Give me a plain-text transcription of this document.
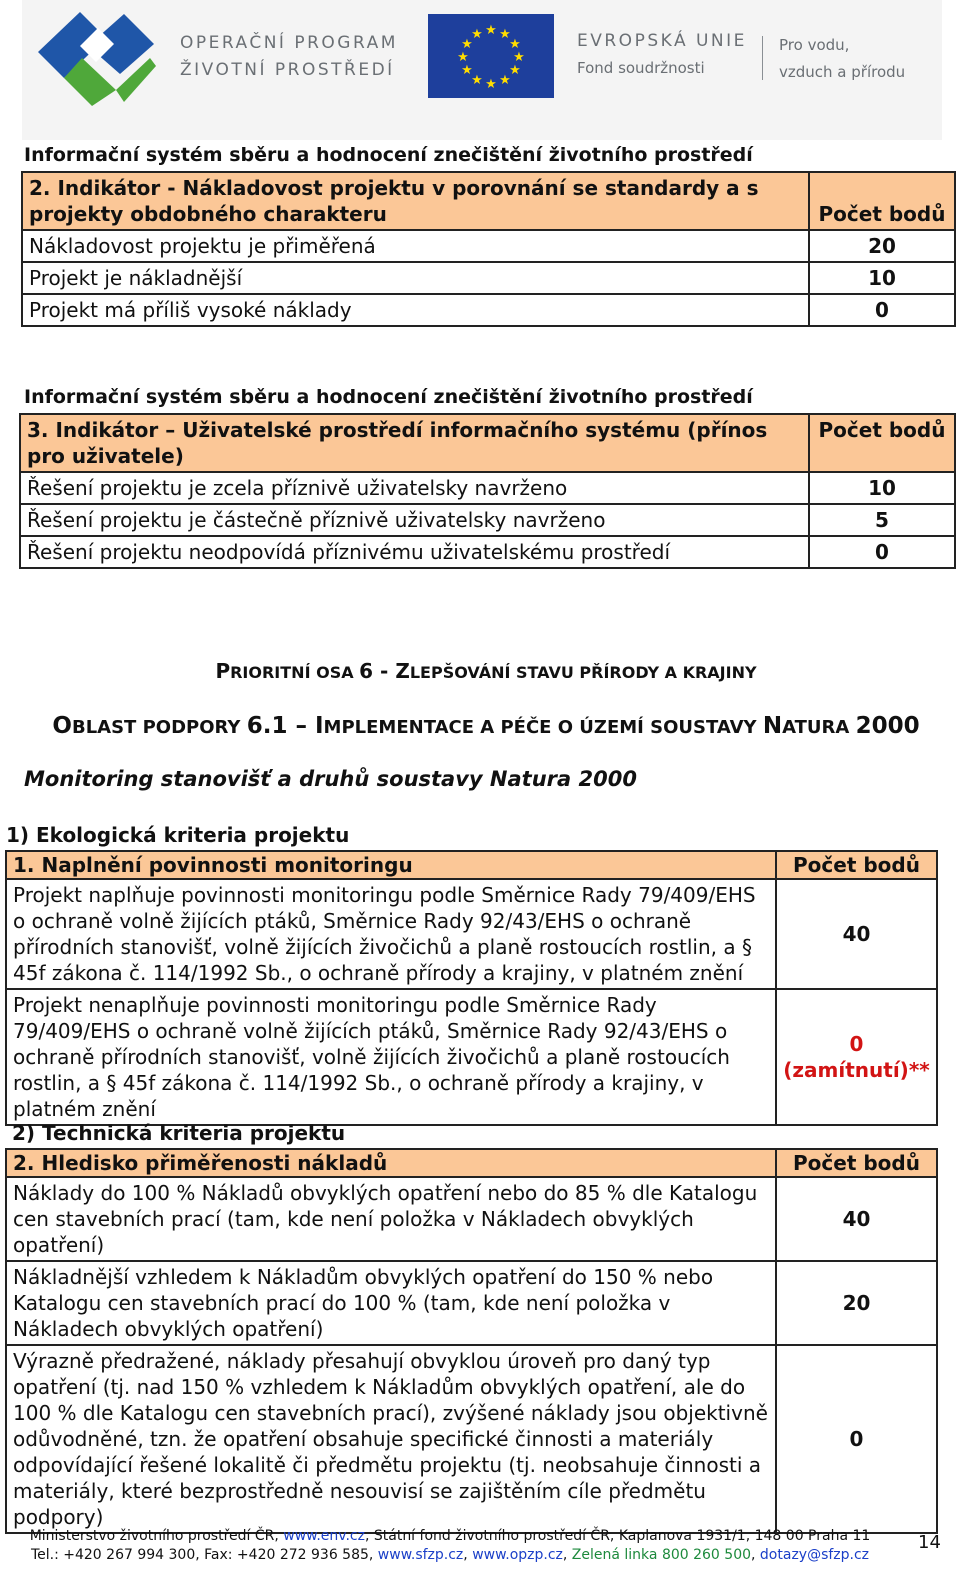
OPERAČNÍ PROGRAM
ŽIVOTNÍ PROSTŘEDÍ
★ ★
★
★
★
★
★
★
★
★
★
★	EVROPSKÁ UNIE
Fond soudržnosti
Pro vodu,
vzduch a přírodu
Informační systém sběru a hodnocení znečištění životního prostředí
2. Indikátor - Nákladovost projektu v porovnání se standardy a s projekty obdobného charakteru	Počet bodů
Nákladovost projektu je přiměřená	20
Projekt je nákladnější	10
Projekt má příliš vysoké náklady	0
Informační systém sběru a hodnocení znečištění životního prostředí
3. Indikátor – Uživatelské prostředí informačního systému (přínos pro uživatele)	Počet bodů
Řešení projektu je zcela příznivě uživatelsky navrženo	10
Řešení projektu je částečně příznivě uživatelsky navrženo	5
Řešení projektu neodpovídá příznivému uživatelskému prostředí	0
PRIORITNÍ OSA 6 - ZLEPŠOVÁNÍ STAVU PŘÍRODY A KRAJINY
OBLAST PODPORY 6.1 – IMPLEMENTACE A PÉČE O ÚZEMÍ SOUSTAVY NATURA 2000
Monitoring stanovišť a druhů soustavy Natura 2000
1) Ekologická kriteria projektu
1. Naplnění povinnosti monitoringu	Počet bodů
Projekt naplňuje povinnosti monitoringu podle Směrnice Rady 79/409/EHS o ochraně volně žijících ptáků, Směrnice Rady 92/43/EHS o ochraně přírodních stanovišť, volně žijících živočichů a planě rostoucích rostlin, a § 45f zákona č. 114/1992 Sb., o ochraně přírody a krajiny, v platném znění	40

Projekt nenaplňuje povinnosti monitoringu podle Směrnice Rady 79/409/EHS o ochraně volně žijících ptáků, Směrnice Rady 92/43/EHS o ochraně přírodních stanovišť, volně žijících živočichů a planě rostoucích rostlin, a § 45f zákona č. 114/1992 Sb., o ochraně přírody a krajiny, v platném znění	0
(zamítnutí)**
2) Technická kriteria projektu
2. Hledisko přiměřenosti nákladů	Počet bodů
Náklady do 100 % Nákladů obvyklých opatření nebo do 85 % dle Katalogu cen stavebních prací (tam, kde není položka v Nákladech obvyklých opatření)	40
Nákladnější vzhledem k Nákladům obvyklých opatření do 150 % nebo Katalogu cen stavebních prací do 100 % (tam, kde není položka v Nákladech obvyklých opatření)	20
Výrazně předražené, náklady přesahují obvyklou úroveň pro daný typ opatření (tj. nad 150 % vzhledem k Nákladům obvyklých opatření, ale do 100 % dle Katalogu cen stavebních prací), zvýšené náklady jsou objektivně odůvodněné, tzn. že opatření obsahuje specifické činnosti a materiály odpovídající řešené lokalitě či předmětu projektu (tj. neobsahuje činnosti a materiály, které bezprostředně nesouvisí se zajištěním cíle předmětu podpory)	0
Ministerstvo životního prostředí ČR, www.env.cz, Státní fond životního prostředí ČR, Kaplanova 1931/1, 148 00 Praha 11
Tel.: +420 267 994 300, Fax: +420 272 936 585, www.sfzp.cz, www.opzp.cz, Zelená linka 800 260 500, dotazy@sfzp.cz
14
